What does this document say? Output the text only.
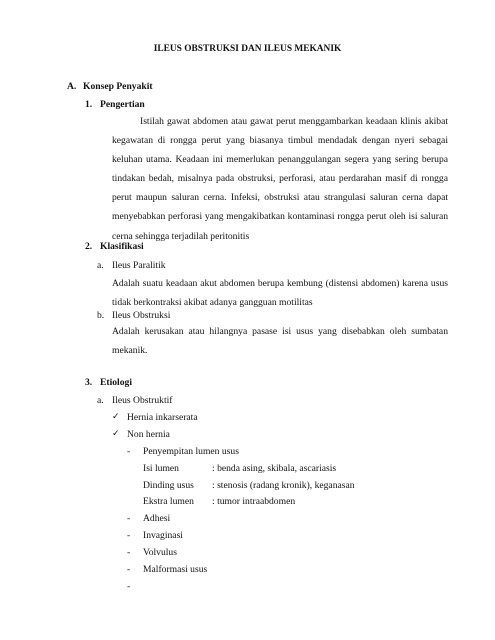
ILEUS OBSTRUKSI DAN ILEUS MEKANIK
A. Konsep Penyakit
1. Pengertian
Istilah gawat abdomen atau gawat perut menggambarkan keadaan klinis akibat kegawatan di rongga perut yang biasanya timbul mendadak dengan nyeri sebagai keluhan utama. Keadaan ini memerlukan penanggulangan segera yang sering berupa tindakan bedah, misalnya pada obstruksi, perforasi, atau perdarahan masif di rongga perut maupun saluran cerna. Infeksi, obstruksi atau strangulasi saluran cerna dapat menyebabkan perforasi yang mengakibatkan kontaminasi rongga perut oleh isi saluran cerna sehingga terjadilah peritonitis
2. Klasifikasi
a. Ileus Paralitik
Adalah suatu keadaan akut abdomen berupa kembung (distensi abdomen) karena usus tidak berkontraksi akibat adanya gangguan motilitas
b. Ileus Obstruksi
Adalah kerusakan atau hilangnya pasase isi usus yang disebabkan oleh sumbatan mekanik.
3. Etiologi
a. Ileus Obstruktif
✓ Hernia inkarserata
✓ Non hernia
- Penyempitan lumen usus
Isi lumen	: benda asing, skibala, ascariasis
Dinding usus : stenosis (radang kronik), keganasan
Ekstra lumen : tumor intraabdomen
- Adhesi
- Invaginasi
- Volvulus
- Malformasi usus
-
